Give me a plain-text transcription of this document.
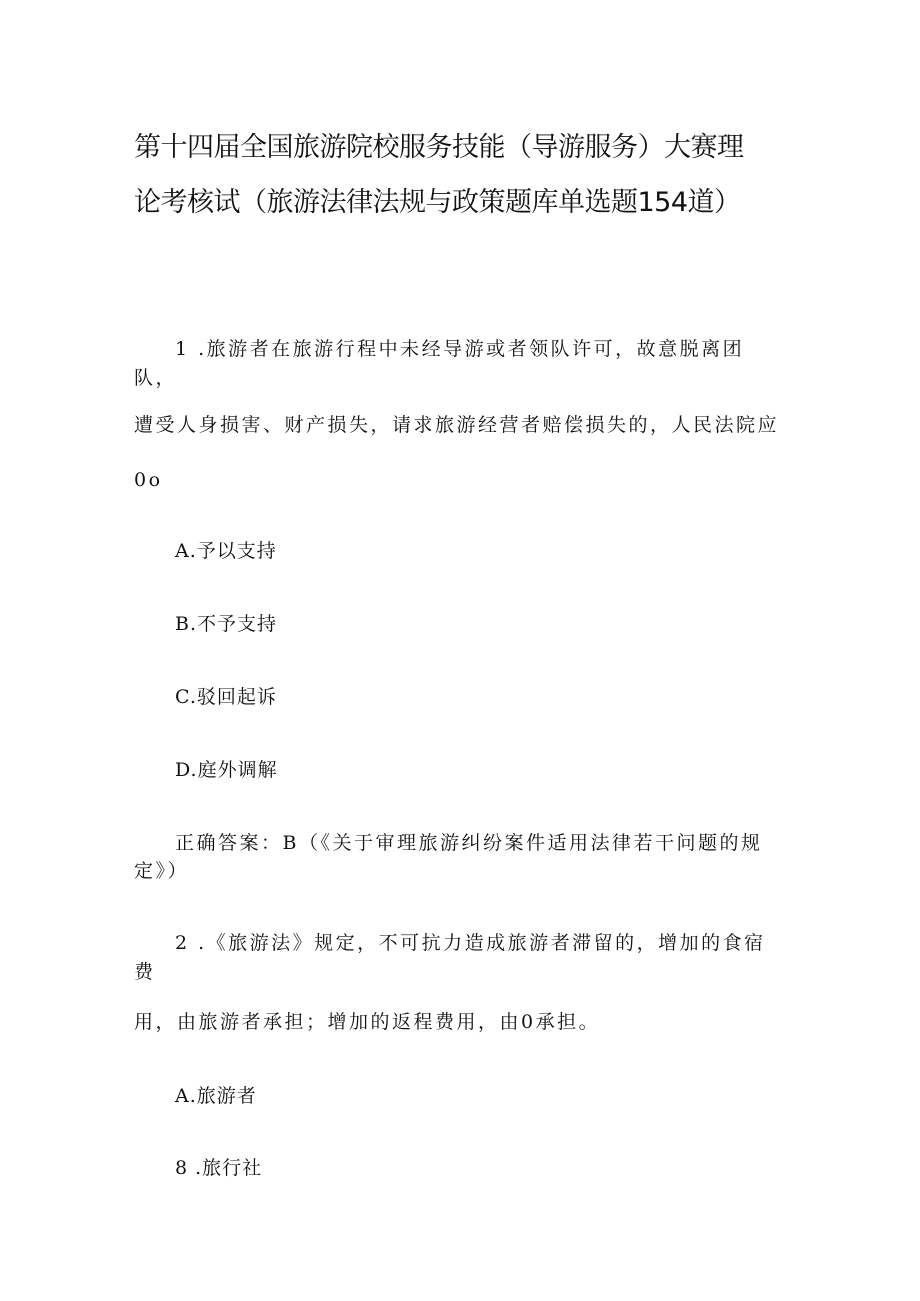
第十四届全国旅游院校服务技能（导游服务）大赛理
论考核试（旅游法律法规与政策题库单选题154道）
1 .旅游者在旅游行程中未经导游或者领队许可，故意脱离团
队，
遭受人身损害、财产损失，请求旅游经营者赔偿损失的，人民法院应
0o
A.予以支持
B.不予支持
C.驳回起诉
D.庭外调解
正确答案：B（《关于审理旅游纠纷案件适用法律若干问题的规
定》）
2 .《旅游法》规定，不可抗力造成旅游者滞留的，增加的食宿
费
用，由旅游者承担；增加的返程费用，由0承担。
A.旅游者
8 .旅行社
